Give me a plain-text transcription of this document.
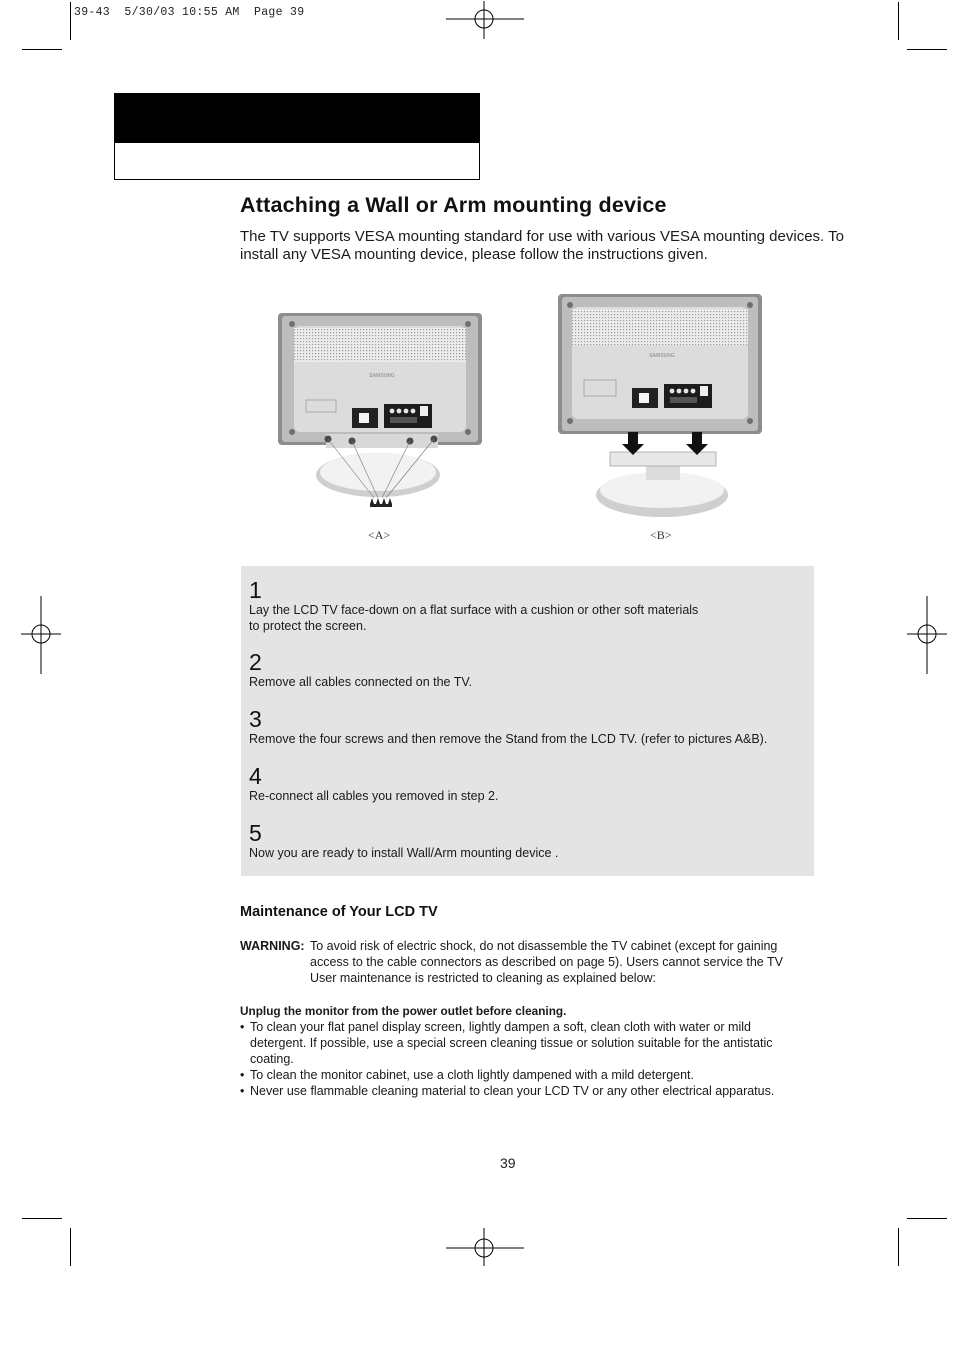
39-43  5/30/03 10:55 AM  Page 39
Attaching a Wall or Arm mounting device
The TV supports VESA mounting standard for use with various VESA mounting devices. To install any VESA mounting device, please follow the instructions given.
SAMSUNG
<A>
SAMSUNG
<B>
1
Lay the LCD TV face-down on a flat surface with a cushion or other soft materials
to protect the screen.
2
Remove all cables connected on the TV.
3
Remove the four screws and then remove the Stand from the LCD TV. (refer to pictures A&B).
4
Re-connect all cables you removed in step 2.
5
Now you are ready to install Wall/Arm mounting device .
Maintenance of Your LCD TV
WARNING: To avoid risk of electric shock, do not disassemble the TV cabinet (except for gaining
access to the cable connectors as described on page 5). Users cannot service the TV
User maintenance is restricted to cleaning as explained below:
Unplug the monitor from the power outlet before cleaning.
• To clean your flat panel display screen, lightly dampen a soft, clean cloth with water or mild
detergent. If possible, use a special screen cleaning tissue or solution suitable for the antistatic
coating.
• To clean the monitor cabinet, use a cloth lightly dampened with a mild detergent.
• Never use flammable cleaning material to clean your LCD TV or any other electrical apparatus.
39
